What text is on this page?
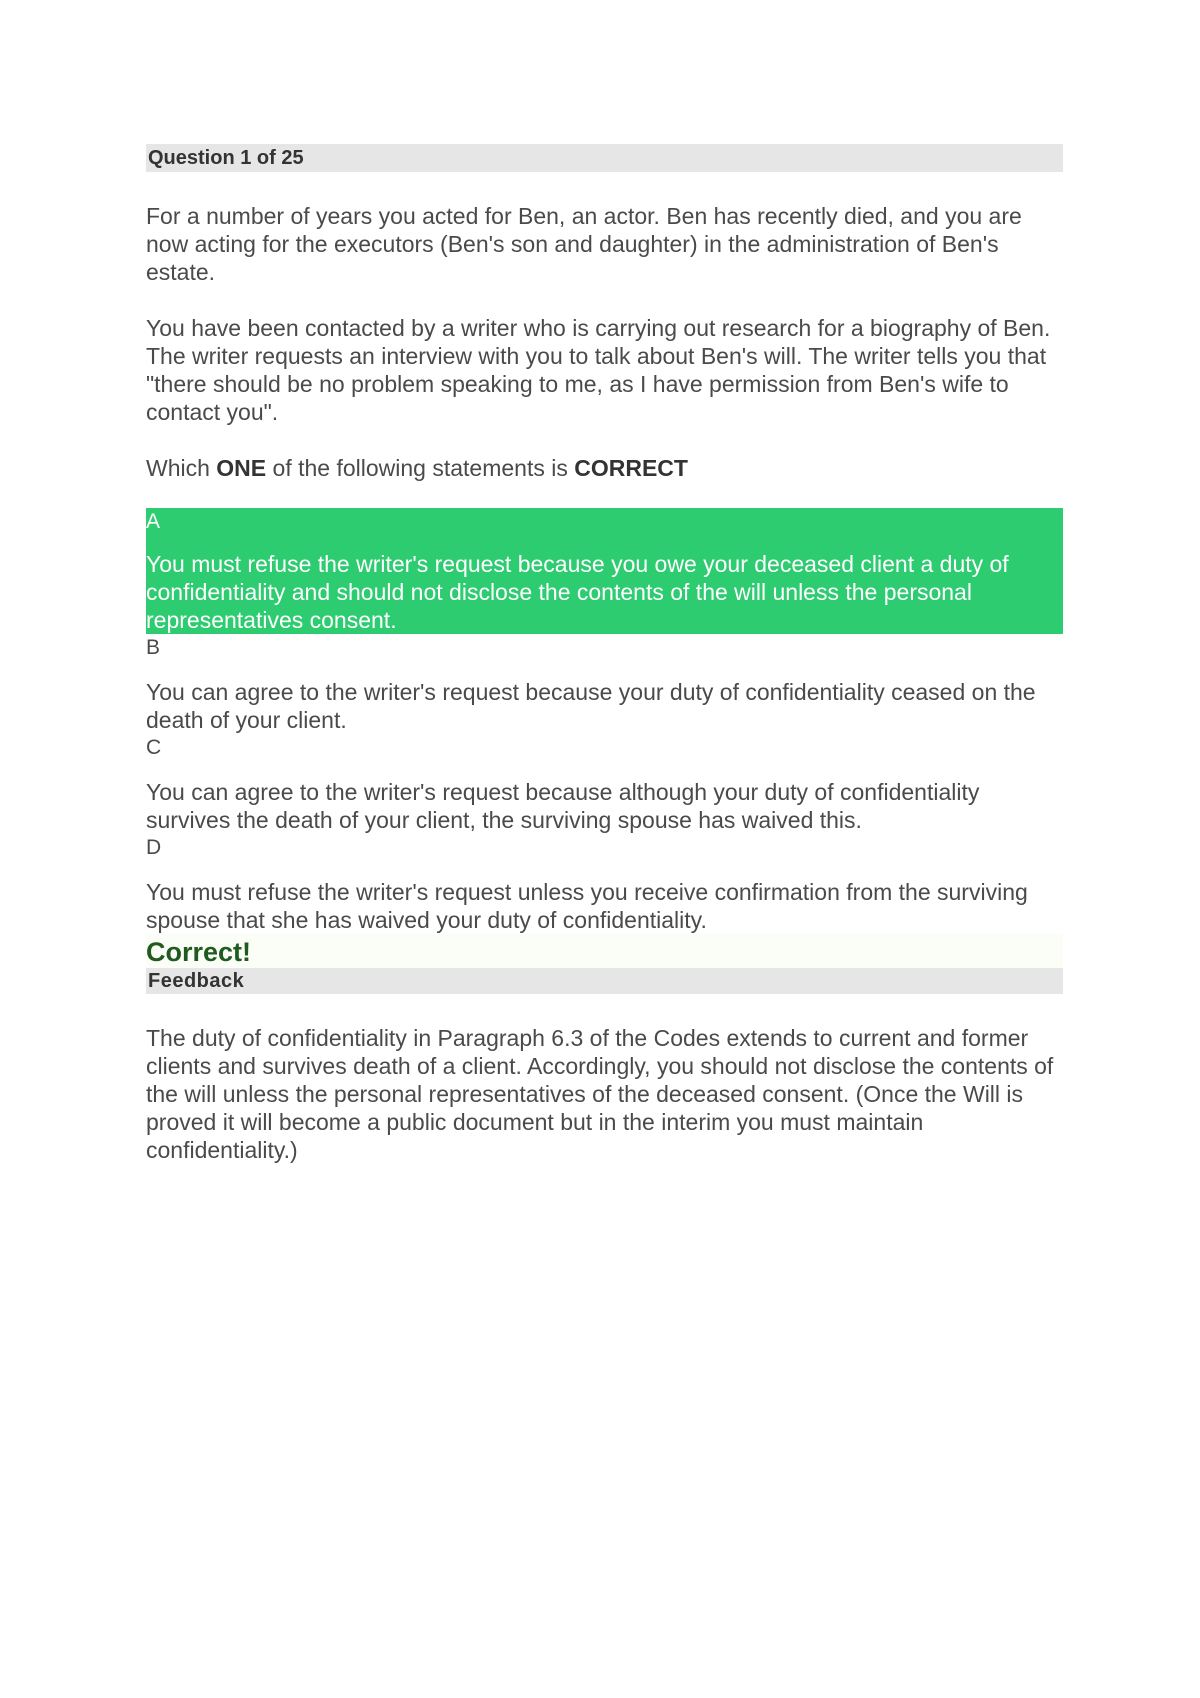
Question 1 of 25

For a number of years you acted for Ben, an actor. Ben has recently died, and you are now acting for the executors (Ben's son and daughter) in the administration of Ben's estate.

You have been contacted by a writer who is carrying out research for a biography of Ben. The writer requests an interview with you to talk about Ben's will. The writer tells you that "there should be no problem speaking to me, as I have permission from Ben's wife to contact you".

Which ONE of the following statements is CORRECT

A
You must refuse the writer's request because you owe your deceased client a duty of confidentiality and should not disclose the contents of the will unless the personal representatives consent.
B
You can agree to the writer's request because your duty of confidentiality ceased on the death of your client.
C
You can agree to the writer's request because although your duty of confidentiality survives the death of your client, the surviving spouse has waived this.
D
You must refuse the writer's request unless you receive confirmation from the surviving spouse that she has waived your duty of confidentiality.
Correct!
Feedback

The duty of confidentiality in Paragraph 6.3 of the Codes extends to current and former clients and survives death of a client. Accordingly, you should not disclose the contents of the will unless the personal representatives of the deceased consent. (Once the Will is proved it will become a public document but in the interim you must maintain confidentiality.)
